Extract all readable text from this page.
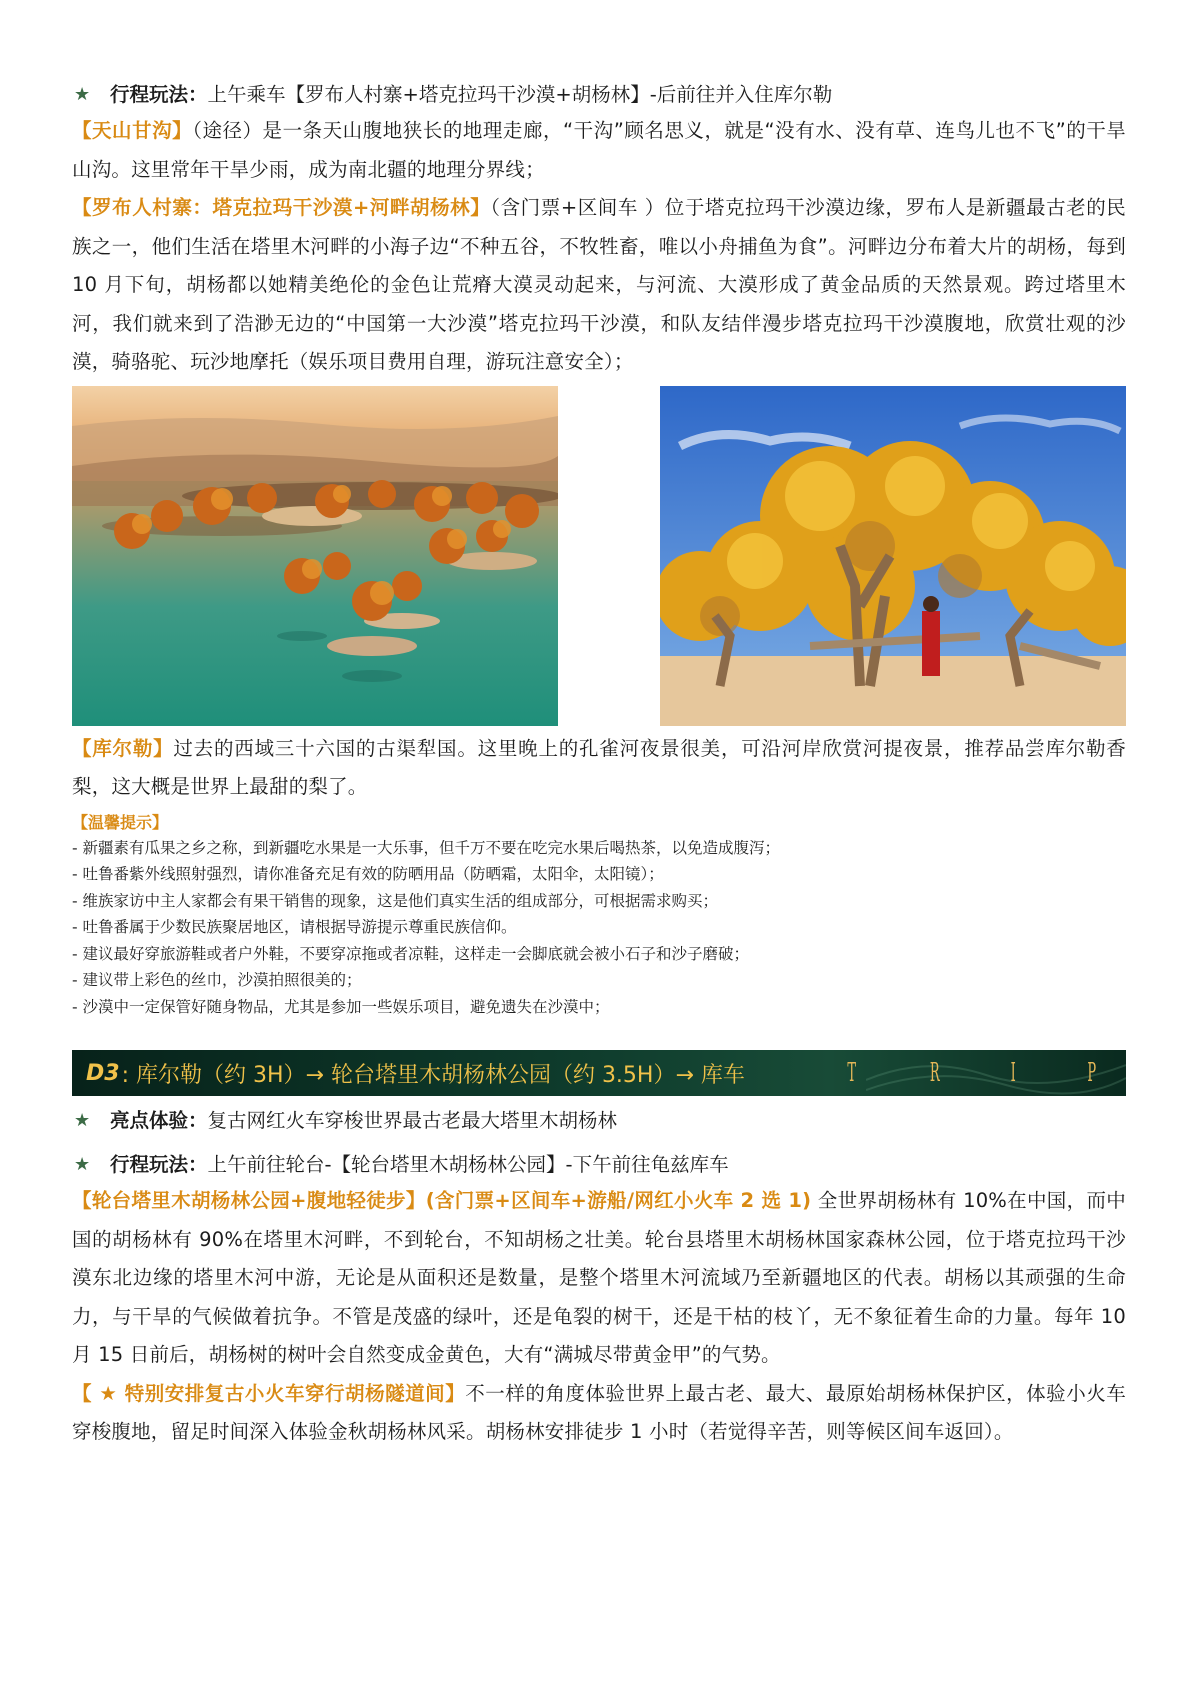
★	行程玩法： 上午乘车【罗布人村寨+塔克拉玛干沙漠+胡杨林】-后前往并入住库尔勒

【天山甘沟】（途径）是一条天山腹地狭长的地理走廊，“干沟”顾名思义，就是“没有水、没有草、连鸟儿也不飞”的干旱山沟。这里常年干旱少雨，成为南北疆的地理分界线；

【罗布人村寨：塔克拉玛干沙漠+河畔胡杨林】（含门票+区间车 ）位于塔克拉玛干沙漠边缘，罗布人是新疆最古老的民族之一，他们生活在塔里木河畔的小海子边“不种五谷，不牧牲畜，唯以小舟捕鱼为食”。河畔边分布着大片的胡杨，每到 10 月下旬，胡杨都以她精美绝伦的金色让荒瘠大漠灵动起来，与河流、大漠形成了黄金品质的天然景观。跨过塔里木河，我们就来到了浩渺无边的“中国第一大沙漠”塔克拉玛干沙漠，和队友结伴漫步塔克拉玛干沙漠腹地，欣赏壮观的沙漠，骑骆驼、玩沙地摩托（娱乐项目费用自理，游玩注意安全）；

【库尔勒】过去的西域三十六国的古渠犁国。这里晚上的孔雀河夜景很美，可沿河岸欣赏河提夜景，推荐品尝库尔勒香梨，这大概是世界上最甜的梨了。

【温馨提示】
- 新疆素有瓜果之乡之称，到新疆吃水果是一大乐事，但千万不要在吃完水果后喝热茶，以免造成腹泻；
- 吐鲁番紫外线照射强烈，请你准备充足有效的防晒用品（防晒霜，太阳伞，太阳镜）；
- 维族家访中主人家都会有果干销售的现象，这是他们真实生活的组成部分，可根据需求购买；
- 吐鲁番属于少数民族聚居地区，请根据导游提示尊重民族信仰。
- 建议最好穿旅游鞋或者户外鞋，不要穿凉拖或者凉鞋，这样走一会脚底就会被小石子和沙子磨破；
- 建议带上彩色的丝巾，沙漠拍照很美的；
- 沙漠中一定保管好随身物品，尤其是参加一些娱乐项目，避免遗失在沙漠中；
D3 : 库尔勒（约 3H）→ 轮台塔里木胡杨林公园（约 3.5H）→ 库车	T	R	I	P
★	亮点体验： 复古网红火车穿梭世界最古老最大塔里木胡杨林
★	行程玩法： 上午前往轮台-【轮台塔里木胡杨林公园】-下午前往龟兹库车

【轮台塔里木胡杨林公园+腹地轻徒步】(含门票+区间车+游船/网红小火车 2 选 1) 全世界胡杨林有 10%在中国，而中国的胡杨林有 90%在塔里木河畔，不到轮台，不知胡杨之壮美。轮台县塔里木胡杨林国家森林公园，位于塔克拉玛干沙漠东北边缘的塔里木河中游，无论是从面积还是数量，是整个塔里木河流域乃至新疆地区的代表。胡杨以其顽强的生命力，与干旱的气候做着抗争。不管是茂盛的绿叶，还是龟裂的树干，还是干枯的枝丫，无不象征着生命的力量。每年 10 月 15 日前后，胡杨树的树叶会自然变成金黄色，大有“满城尽带黄金甲”的气势。

【 ★ 特别安排复古小火车穿行胡杨隧道间】不一样的角度体验世界上最古老、最大、最原始胡杨林保护区，体验小火车穿梭腹地，留足时间深入体验金秋胡杨林风采。胡杨林安排徒步 1 小时（若觉得辛苦，则等候区间车返回）。
